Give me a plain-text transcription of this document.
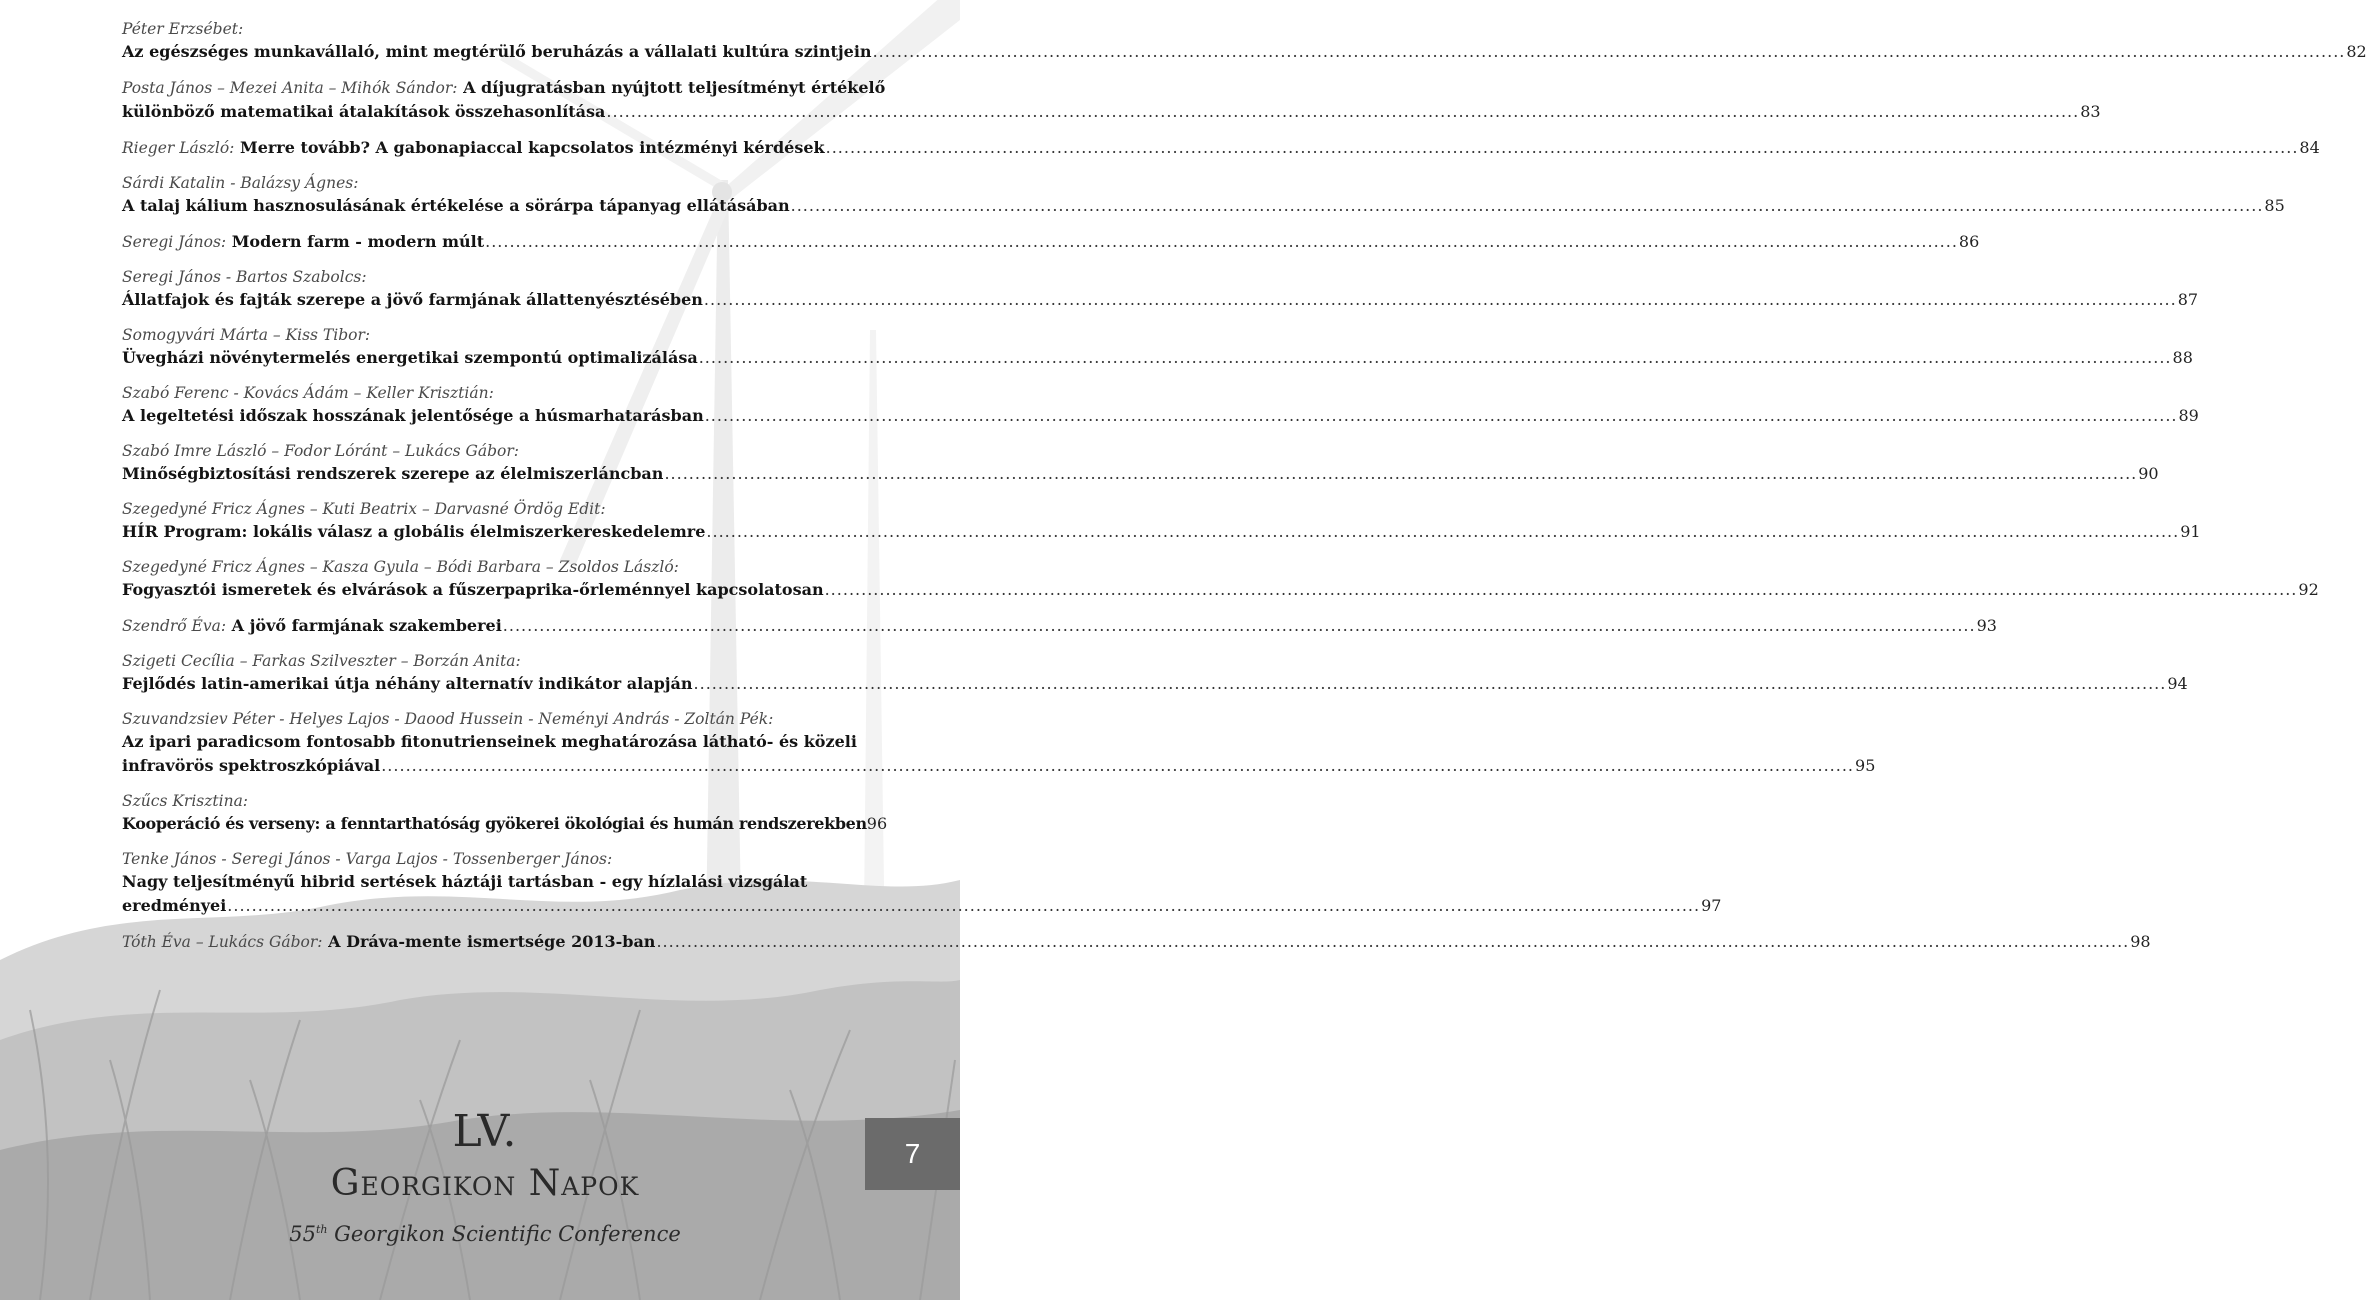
Péter Erzsébet:
Az egészséges munkavállaló, mint megtérülő beruházás a vállalati kultúra szintjein .....	82
Posta János – Mezei Anita – Mihók Sándor: A díjugratásban nyújtott teljesítményt értékelő
különböző matematikai átalakítások összehasonlítása .....	83
Rieger László: Merre tovább? A gabonapiaccal kapcsolatos intézményi kérdések .....	84
Sárdi Katalin - Balázsy Ágnes:
A talaj kálium hasznosulásának értékelése a sörárpa tápanyag ellátásában .....	85
Seregi János: Modern farm - modern múlt .....	86
Seregi János - Bartos Szabolcs:
Állatfajok és fajták szerepe a jövő farmjának állattenyésztésében .....	87
Somogyvári Márta – Kiss Tibor:
Üvegházi növénytermelés energetikai szempontú optimalizálása .....	88
Szabó Ferenc - Kovács Ádám – Keller Krisztián:
A legeltetési időszak hosszának jelentősége a húsmarhatarásban .....	89
Szabó Imre László – Fodor Lóránt – Lukács Gábor:
Minőségbiztosítási rendszerek szerepe az élelmiszerláncban .....	90
Szegedyné Fricz Ágnes – Kuti Beatrix – Darvasné Ördög Edit:
HÍR Program: lokális válasz a globális élelmiszerkereskedelemre .....	91
Szegedyné Fricz Ágnes – Kasza Gyula – Bódi Barbara – Zsoldos László:
Fogyasztói ismeretek és elvárások a fűszerpaprika-őrleménnyel kapcsolatosan .....	92
Szendrő Éva: A jövő farmjának szakemberei .....	93
Szigeti Cecília – Farkas Szilveszter – Borzán Anita:
Fejlődés latin-amerikai útja néhány alternatív indikátor alapján .....	94
Szuvandzsiev Péter - Helyes Lajos - Daood Hussein - Neményi András - Zoltán Pék:
Az ipari paradicsom fontosabb fitonutrienseinek meghatározása látható- és közeli
infravörös spektroszkópiával .....	95
Szűcs Krisztina:
Kooperáció és verseny: a fenntarthatóság gyökerei ökológiai és humán rendszerekben 96
Tenke János - Seregi János - Varga Lajos - Tossenberger János:
Nagy teljesítményű hibrid sertések háztáji tartásban - egy hízlalási vizsgálat
eredményei .....	97
Tóth Éva – Lukács Gábor: A Dráva-mente ismertsége 2013-ban .....	98
LV.
Georgikon Napok
55th Georgikon Scientific Conference
7
